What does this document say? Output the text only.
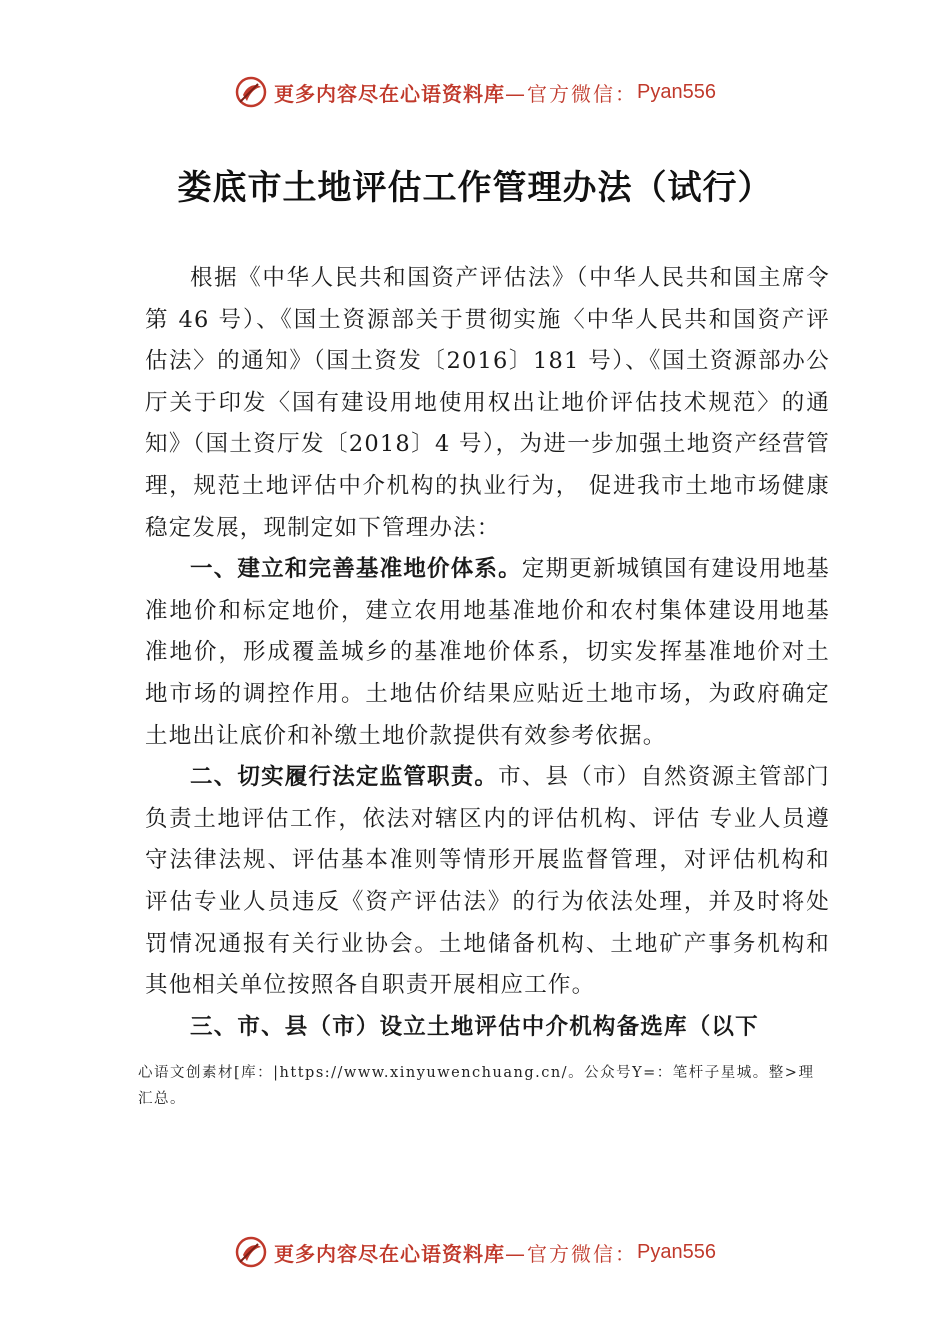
更多内容尽在心语资料库 —官方微信： Pyan556
娄底市土地评估工作管理办法（试行）

根据《中华人民共和国资产评估法》（中华人民共和国主席令第 46 号）、《国土资源部关于贯彻实施〈中华人民共和国资产评估法〉的通知》（国土资发〔2016〕181 号）、《国土资源部办公厅关于印发〈国有建设用地使用权出让地价评估技术规范〉的通知》（国土资厅发〔2018〕4 号），为进一步加强土地资产经营管理，规范土地评估中介机构的执业行为， 促进我市土地市场健康稳定发展，现制定如下管理办法：

一、建立和完善基准地价体系。定期更新城镇国有建设用地基准地价和标定地价，建立农用地基准地价和农村集体建设用地基准地价，形成覆盖城乡的基准地价体系，切实发挥基准地价对土地市场的调控作用。土地估价结果应贴近土地市场，为政府确定土地出让底价和补缴土地价款提供有效参考依据。

二、切实履行法定监管职责。市、县（市）自然资源主管部门负责土地评估工作，依法对辖区内的评估机构、评估 专业人员遵守法律法规、评估基本准则等情形开展监督管理，对评估机构和评估专业人员违反《资产评估法》的行为依法处理，并及时将处罚情况通报有关行业协会。土地储备机构、土地矿产事务机构和其他相关单位按照各自职责开展相应工作。

三、市、县（市）设立土地评估中介机构备选库（以下

心语文创素材[库：|https://www.xinyuwenchuang.cn/。公众号Y=：笔杆子星城。整>理汇总。
更多内容尽在心语资料库 —官方微信： Pyan556
